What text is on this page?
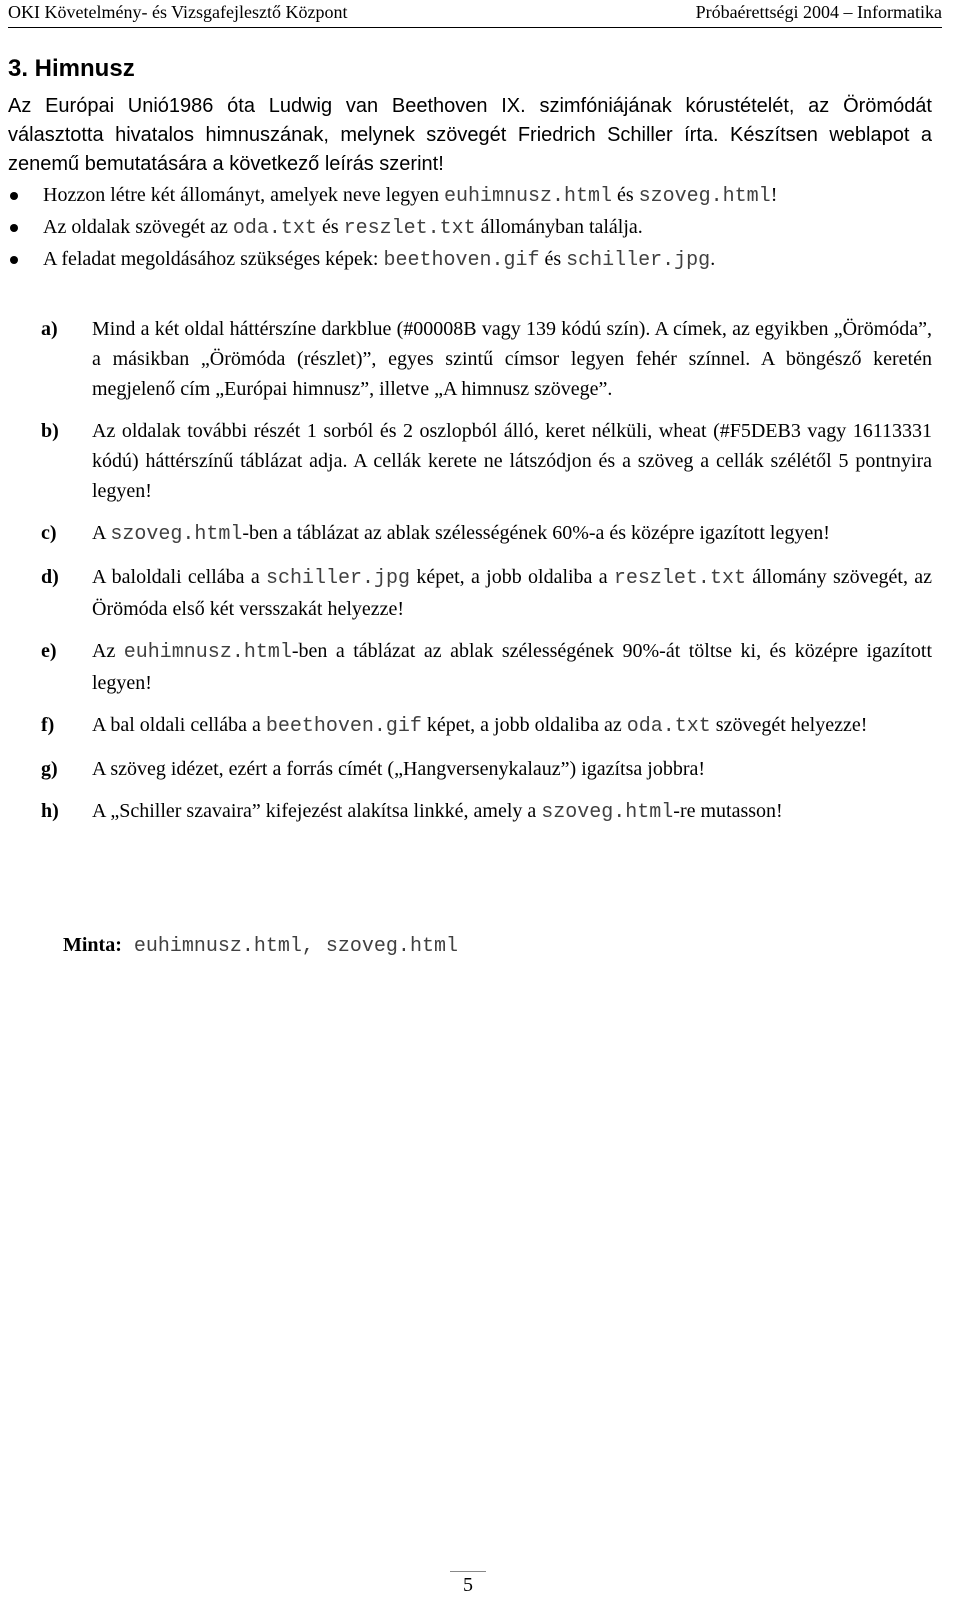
OKI Követelmény- és Vizsgafejlesztő Központ	Próbaérettségi 2004 – Informatika
3. Himnusz

Az Európai Unió1986 óta Ludwig van Beethoven IX. szimfóniájának kórustételét, az Örömódát választotta hivatalos himnuszának, melynek szövegét Friedrich Schiller írta. Készítsen weblapot a zenemű bemutatására a következő leírás szerint!

Hozzon létre két állományt, amelyek neve legyen euhimnusz.html és szoveg.html!
Az oldalak szövegét az oda.txt és reszlet.txt állományban találja.
A feladat megoldásához szükséges képek: beethoven.gif és schiller.jpg.
a) Mind a két oldal háttérszíne darkblue (#00008B vagy 139 kódú szín). A címek, az egyikben „Örömóda”, a másikban „Örömóda (részlet)”, egyes szintű címsor legyen fehér színnel. A böngésző keretén megjelenő cím „Európai himnusz”, illetve „A himnusz szövege”.
b) Az oldalak további részét 1 sorból és 2 oszlopból álló, keret nélküli, wheat (#F5DEB3 vagy 16113331 kódú) háttérszínű táblázat adja. A cellák kerete ne látszódjon és a szöveg a cellák szélétől 5 pontnyira legyen!
c) A szoveg.html-ben a táblázat az ablak szélességének 60%-a és középre igazított legyen!
d) A baloldali cellába a schiller.jpg képet, a jobb oldaliba a reszlet.txt állomány szövegét, az Örömóda első két versszakát helyezze!
e) Az euhimnusz.html-ben a táblázat az ablak szélességének 90%-át töltse ki, és középre igazított legyen!
f) A bal oldali cellába a beethoven.gif képet, a jobb oldaliba az oda.txt szövegét helyezze!
g) A szöveg idézet, ezért a forrás címét („Hangversenykalauz”) igazítsa jobbra!
h) A „Schiller szavaira” kifejezést alakítsa linkké, amely a szoveg.html-re mutasson!
Minta: euhimnusz.html, szoveg.html
5
